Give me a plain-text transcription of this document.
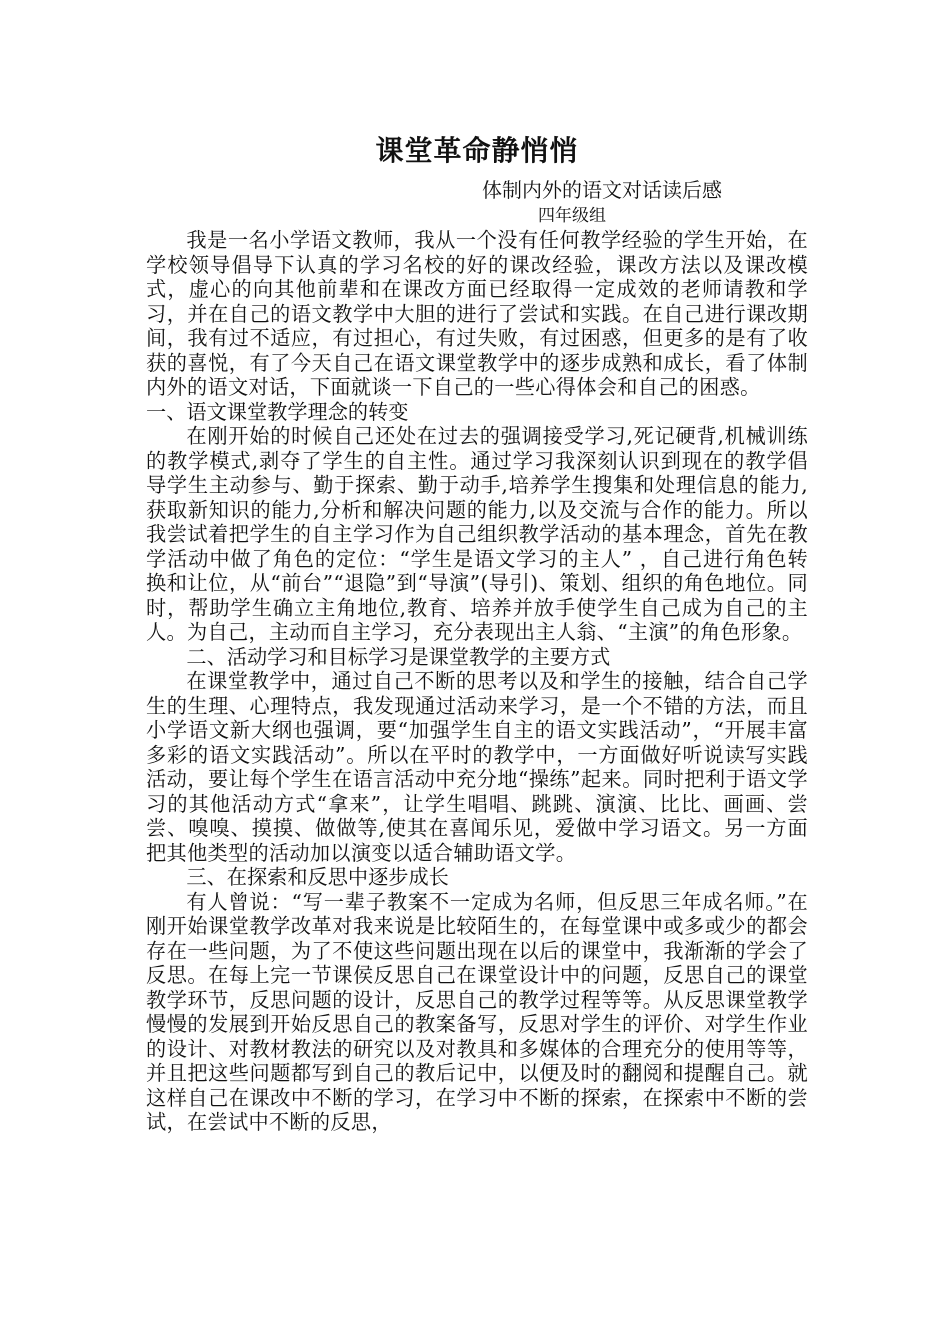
课堂革命静悄悄
体制内外的语文对话读后感
四年级组

我是一名小学语文教师，我从一个没有任何教学经验的学生开始，在学校领导倡导下认真的学习名校的好的课改经验，课改方法以及课改模式，虚心的向其他前辈和在课改方面已经取得一定成效的老师请教和学习，并在自己的语文教学中大胆的进行了尝试和实践。在自己进行课改期间，我有过不适应，有过担心，有过失败，有过困惑，但更多的是有了收获的喜悦，有了今天自己在语文课堂教学中的逐步成熟和成长，看了体制内外的语文对话，下面就谈一下自己的一些心得体会和自己的困惑。

一、语文课堂教学理念的转变

在刚开始的时候自己还处在过去的强调接受学习,死记硬背,机械训练的教学模式,剥夺了学生的自主性。通过学习我深刻认识到现在的教学倡导学生主动参与、勤于探索、勤于动手,培养学生搜集和处理信息的能力,获取新知识的能力,分析和解决问题的能力,以及交流与合作的能力。所以我尝试着把学生的自主学习作为自己组织教学活动的基本理念，首先在教学活动中做了角色的定位：“学生是语文学习的主人” ，自己进行角色转换和让位，从“前台”“退隐”到“导演”(导引)、策划、组织的角色地位。同时，帮助学生确立主角地位,教育、培养并放手使学生自己成为自己的主人。为自己，主动而自主学习，充分表现出主人翁、“主演”的角色形象。

二、活动学习和目标学习是课堂教学的主要方式

在课堂教学中，通过自己不断的思考以及和学生的接触，结合自己学生的生理、心理特点，我发现通过活动来学习，是一个不错的方法，而且小学语文新大纲也强调，要“加强学生自主的语文实践活动”，“开展丰富多彩的语文实践活动”。所以在平时的教学中，一方面做好听说读写实践活动，要让每个学生在语言活动中充分地“操练”起来。同时把利于语文学习的其他活动方式“拿来”，让学生唱唱、跳跳、演演、比比、画画、尝尝、嗅嗅、摸摸、做做等,使其在喜闻乐见，爱做中学习语文。另一方面把其他类型的活动加以演变以适合辅助语文学。

三、在探索和反思中逐步成长

有人曾说：“写一辈子教案不一定成为名师，但反思三年成名师。”在刚开始课堂教学改革对我来说是比较陌生的，在每堂课中或多或少的都会存在一些问题，为了不使这些问题出现在以后的课堂中，我渐渐的学会了反思。在每上完一节课侯反思自己在课堂设计中的问题，反思自己的课堂教学环节，反思问题的设计，反思自己的教学过程等等。从反思课堂教学慢慢的发展到开始反思自己的教案备写，反思对学生的评价、对学生作业的设计、对教材教法的研究以及对教具和多媒体的合理充分的使用等等，并且把这些问题都写到自己的教后记中，以便及时的翻阅和提醒自己。就这样自己在课改中不断的学习，在学习中不断的探索，在探索中不断的尝试，在尝试中不断的反思，
